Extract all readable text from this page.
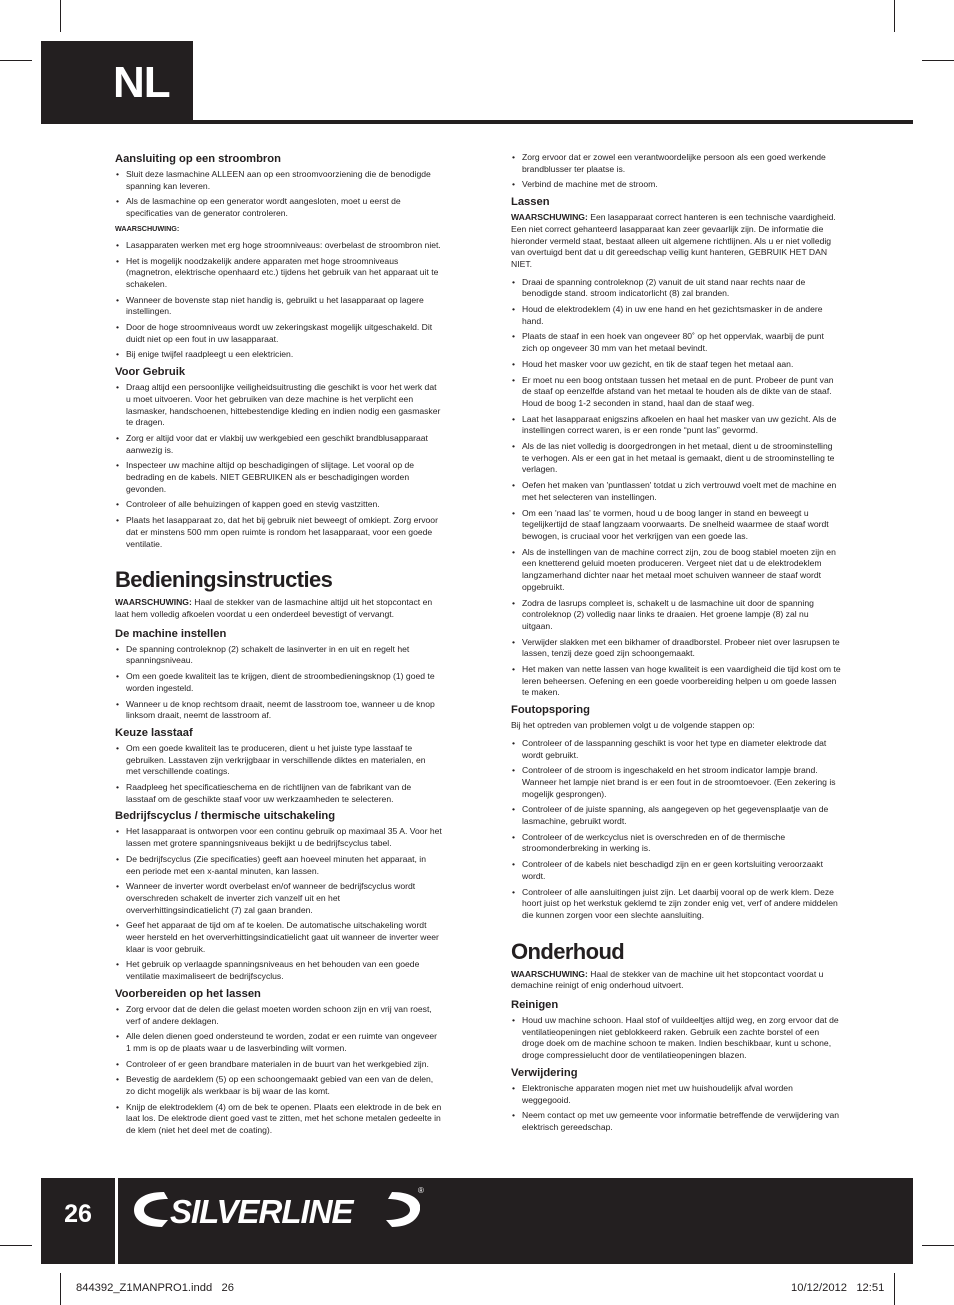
NL
Aansluiting op een stroombron
• Sluit deze lasmachine ALLEEN aan op een stroomvoorziening die de benodigde spanning kan leveren.
• Als de lasmachine op een generator wordt aangesloten, moet u eerst de specificaties van de generator controleren.
WAARSCHUWING:
• Lasapparaten werken met erg hoge stroomniveaus: overbelast de stroombron niet.
• Het is mogelijk noodzakelijk andere apparaten met hoge stroomniveaus (magnetron, elektrische openhaard etc.) tijdens het gebruik van het apparaat uit te schakelen.
• Wanneer de bovenste stap niet handig is, gebruikt u het lasapparaat op lagere instellingen.
• Door de hoge stroomniveaus wordt uw zekeringskast mogelijk uitgeschakeld. Dit duidt niet op een fout in uw lasapparaat.
• Bij enige twijfel raadpleegt u een elektricien.
Voor Gebruik
• Draag altijd een persoonlijke veiligheidsuitrusting die geschikt is voor het werk dat u moet uitvoeren. Voor het gebruiken van deze machine is het verplicht een lasmasker, handschoenen, hittebestendige kleding en indien nodig een gasmasker te dragen.
• Zorg er altijd voor dat er vlakbij uw werkgebied een geschikt brandblusapparaat aanwezig is.
• Inspecteer uw machine altijd op beschadigingen of slijtage. Let vooral op de bedrading en de kabels. NIET GEBRUIKEN als er beschadigingen worden gevonden.
• Controleer of alle behuizingen of kappen goed en stevig vastzitten.
• Plaats het lasapparaat zo, dat het bij gebruik niet beweegt of omkiept. Zorg ervoor dat er minstens 500 mm open ruimte is rondom het lasapparaat, voor een goede ventilatie.
Bedieningsinstructies

WAARSCHUWING: Haal de stekker van de lasmachine altijd uit het stopcontact en laat hem volledig afkoelen voordat u een onderdeel bevestigt of vervangt.

De machine instellen
• De spanning controleknop (2) schakelt de lasinverter in en uit en regelt het spanningsniveau.
• Om een goede kwaliteit las te krijgen, dient de stroombedieningsknop (1) goed te worden ingesteld.
• Wanneer u de knop rechtsom draait, neemt de lasstroom toe, wanneer u de knop linksom draait, neemt de lasstroom af.
Keuze lasstaaf
• Om een goede kwaliteit las te produceren, dient u het juiste type lasstaaf te gebruiken. Lasstaven zijn verkrijgbaar in verschillende diktes en materialen, en met verschillende coatings.
• Raadpleeg het specificatieschema en de richtlijnen van de fabrikant van de lasstaaf om de geschikte staaf voor uw werkzaamheden te selecteren.
Bedrijfscyclus / thermische uitschakeling
• Het lasapparaat is ontworpen voor een continu gebruik op maximaal 35 A. Voor het lassen met grotere spanningsniveaus bekijkt u de bedrijfscyclus tabel.
• De bedrijfscyclus (Zie specificaties) geeft aan hoeveel minuten het apparaat, in een periode met een x-aantal minuten, kan lassen.
• Wanneer de inverter wordt overbelast en/of wanneer de bedrijfscyclus wordt overschreden schakelt de inverter zich vanzelf uit en het oververhittingsindicatielicht (7) zal gaan branden.
• Geef het apparaat de tijd om af te koelen. De automatische uitschakeling wordt weer hersteld en het oververhittingsindicatielicht gaat uit wanneer de inverter weer klaar is voor gebruik.
• Het gebruik op verlaagde spanningsniveaus en het behouden van een goede ventilatie maximaliseert de bedrijfscyclus.
Voorbereiden op het lassen
• Zorg ervoor dat de delen die gelast moeten worden schoon zijn en vrij van roest, verf of andere deklagen.
• Alle delen dienen goed ondersteund te worden, zodat er een ruimte van ongeveer 1 mm is op de plaats waar u de lasverbinding wilt vormen.
• Controleer of er geen brandbare materialen in de buurt van het werkgebied zijn.
• Bevestig de aardeklem (5) op een schoongemaakt gebied van een van de delen, zo dicht mogelijk als werkbaar is bij waar de las komt.
• Knijp de elektrodeklem (4) om de bek te openen. Plaats een elektrode in de bek en laat los. De elektrode dient goed vast te zitten, met het schone metalen gedeelte in de klem (niet het deel met de coating).
• Zorg ervoor dat er zowel een verantwoordelijke persoon als een goed werkende brandblusser ter plaatse is.
• Verbind de machine met de stroom.
Lassen

WAARSCHUWING: Een lasapparaat correct hanteren is een technische vaardigheid. Een niet correct gehanteerd lasapparaat kan zeer gevaarlijk zijn. De informatie die hieronder vermeld staat, bestaat alleen uit algemene richtlijnen. Als u er niet volledig van overtuigd bent dat u dit gereedschap veilig kunt hanteren, GEBRUIK HET DAN NIET.

• Draai de spanning controleknop (2) vanuit de uit stand naar rechts naar de benodigde stand. stroom indicatorlicht (8) zal branden.
• Houd de elektrodeklem (4) in uw ene hand en het gezichtsmasker in de andere hand.
• Plaats de staaf in een hoek van ongeveer 80˚ op het oppervlak, waarbij de punt zich op ongeveer 30 mm van het metaal bevindt.
• Houd het masker voor uw gezicht, en tik de staaf tegen het metaal aan.
• Er moet nu een boog ontstaan tussen het metaal en de punt. Probeer de punt van de staaf op eenzelfde afstand van het metaal te houden als de dikte van de staaf. Houd de boog 1-2 seconden in stand, haal dan de staaf weg.
• Laat het lasapparaat enigszins afkoelen en haal het masker van uw gezicht. Als de instellingen correct waren, is er een ronde “punt las” gevormd.
• Als de las niet volledig is doorgedrongen in het metaal, dient u de stroominstelling te verhogen. Als er een gat in het metaal is gemaakt, dient u de stroominstelling te verlagen.
• Oefen het maken van 'puntlassen' totdat u zich vertrouwd voelt met de machine en met het selecteren van instellingen.
• Om een 'naad las' te vormen, houd u de boog langer in stand en beweegt u tegelijkertijd de staaf langzaam voorwaarts. De snelheid waarmee de staaf wordt bewogen, is cruciaal voor het verkrijgen van een goede las.
• Als de instellingen van de machine correct zijn, zou de boog stabiel moeten zijn en een knetterend geluid moeten produceren. Vergeet niet dat u de elektrodeklem langzamerhand dichter naar het metaal moet schuiven wanneer de staaf wordt opgebruikt.
• Zodra de lasrups compleet is, schakelt u de lasmachine uit door de spanning controleknop (2) volledig naar links te draaien. Het groene lampje (8) zal nu uitgaan.
• Verwijder slakken met een bikhamer of draadborstel. Probeer niet over lasrupsen te lassen, tenzij deze goed zijn schoongemaakt.
• Het maken van nette lassen van hoge kwaliteit is een vaardigheid die tijd kost om te leren beheersen. Oefening en een goede voorbereiding helpen u om goede lassen te maken.
Foutopsporing

Bij het optreden van problemen volgt u de volgende stappen op:

• Controleer of de lasspanning geschikt is voor het type en diameter elektrode dat wordt gebruikt.
• Controleer of de stroom is ingeschakeld en het stroom indicator lampje brand. Wanneer het lampje niet brand is er een fout in de stroomtoevoer. (Een zekering is mogelijk gesprongen).
• Controleer of de juiste spanning, als aangegeven op het gegevensplaatje van de lasmachine, gebruikt wordt.
• Controleer of de werkcyclus niet is overschreden en of de thermische stroomonderbreking in werking is.
• Controleer of de kabels niet beschadigd zijn en er geen kortsluiting veroorzaakt wordt.
• Controleer of alle aansluitingen juist zijn. Let daarbij vooral op de werk klem. Deze hoort juist op het werkstuk geklemd te zijn zonder enig vet, verf of andere middelen die kunnen zorgen voor een slechte aansluiting.
Onderhoud

WAARSCHUWING: Haal de stekker van de machine uit het stopcontact voordat u demachine reinigt of enig onderhoud uitvoert.

Reinigen
• Houd uw machine schoon. Haal stof of vuildeeltjes altijd weg, en zorg ervoor dat de ventilatieopeningen niet geblokkeerd raken. Gebruik een zachte borstel of een droge doek om de machine schoon te maken. Indien beschikbaar, kunt u schone, droge compressielucht door de ventilatieopeningen blazen.
Verwijdering
• Elektronische apparaten mogen niet met uw huishoudelijk afval worden weggegooid.
• Neem contact op met uw gemeente voor informatie betreffende de verwijdering van elektrisch gereedschap.
26	SILVERLINE
®
844392_Z1MANPRO1.indd   26	10/12/2012   12:51
